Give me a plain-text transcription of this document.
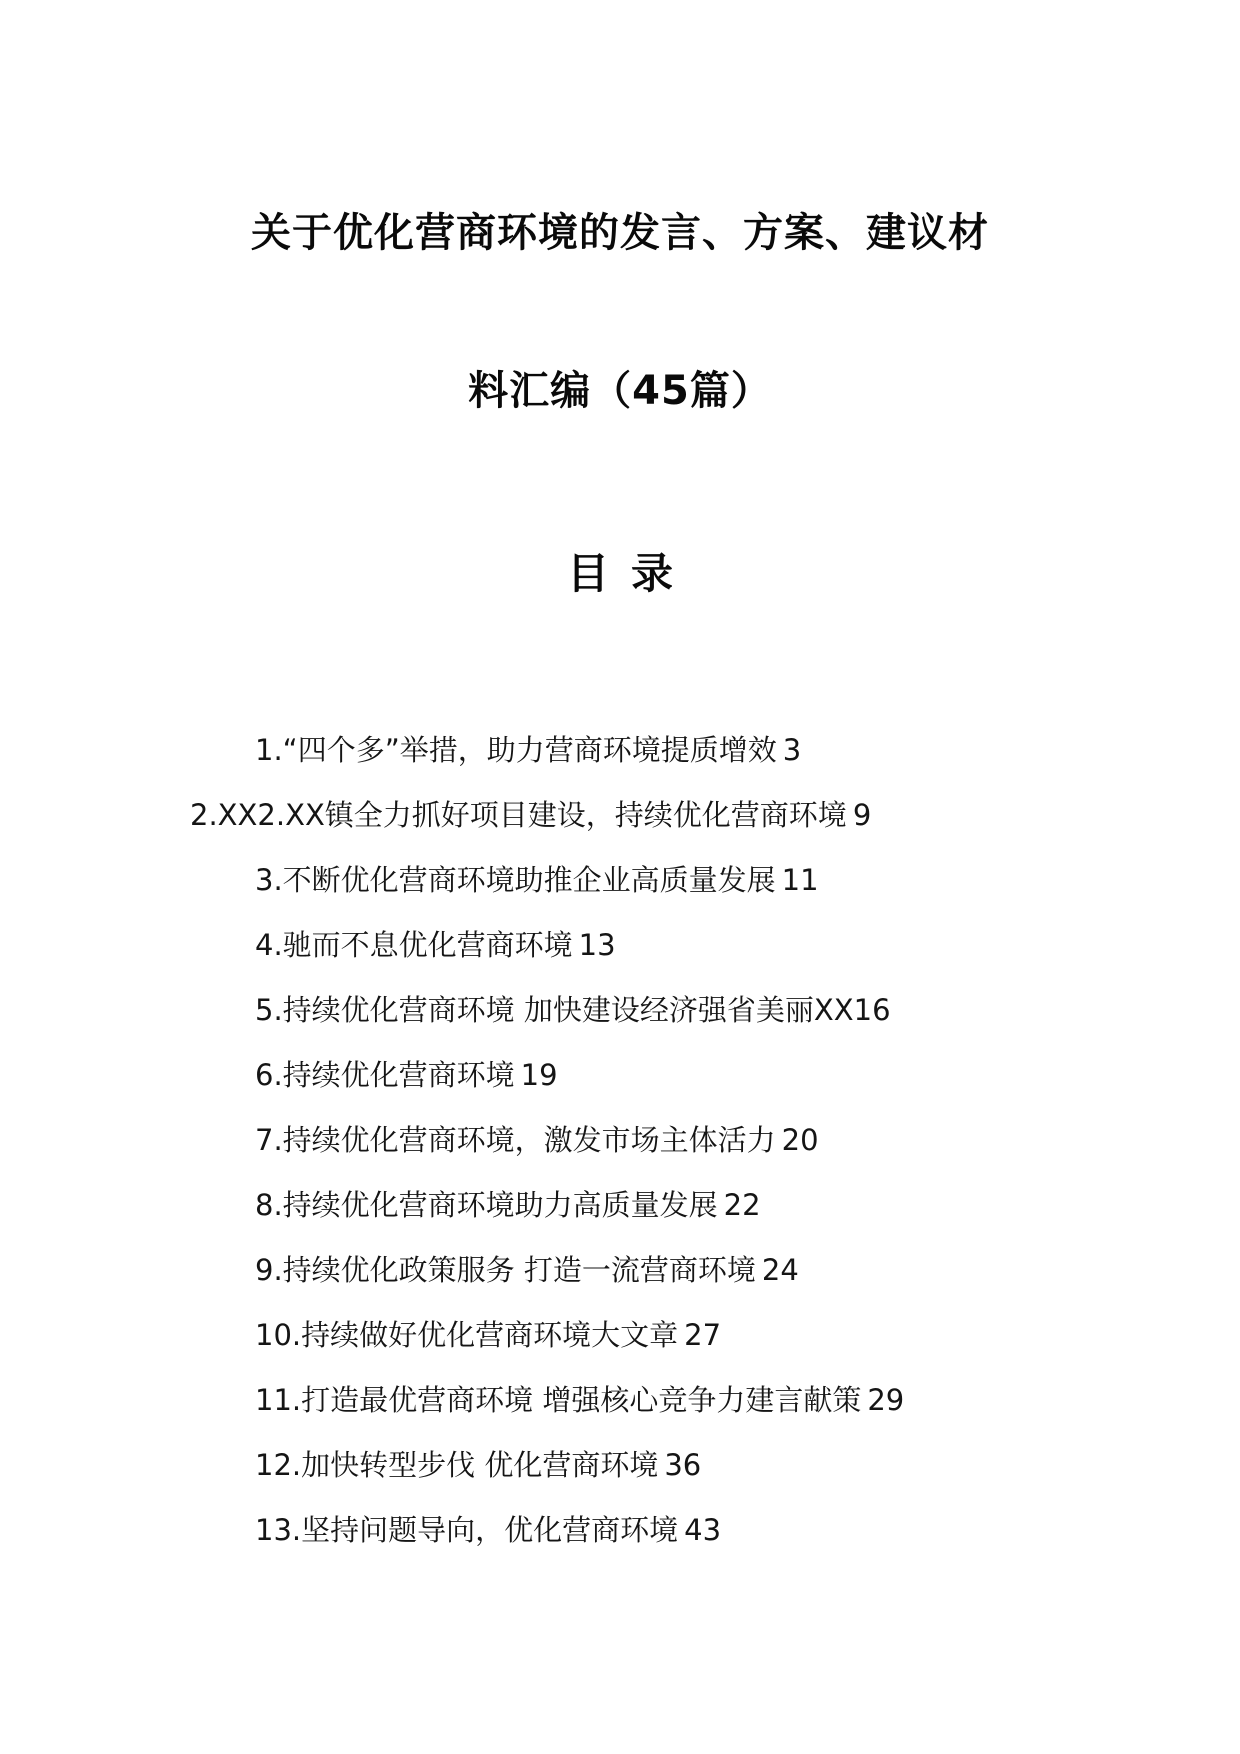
关于优化营商环境的发言、方案、建议材
料汇编（45篇）
目 录
1.“四个多”举措，助力营商环境提质增效 3
2.XX2.XX镇全力抓好项目建设，持续优化营商环境 9
3.不断优化营商环境助推企业高质量发展 11
4.驰而不息优化营商环境 13
5.持续优化营商环境 加快建设经济强省美丽XX16
6.持续优化营商环境 19
7.持续优化营商环境，激发市场主体活力 20
8.持续优化营商环境助力高质量发展 22
9.持续优化政策服务 打造一流营商环境 24
10.持续做好优化营商环境大文章 27
11.打造最优营商环境 增强核心竞争力建言献策 29
12.加快转型步伐 优化营商环境 36
13.坚持问题导向，优化营商环境 43
